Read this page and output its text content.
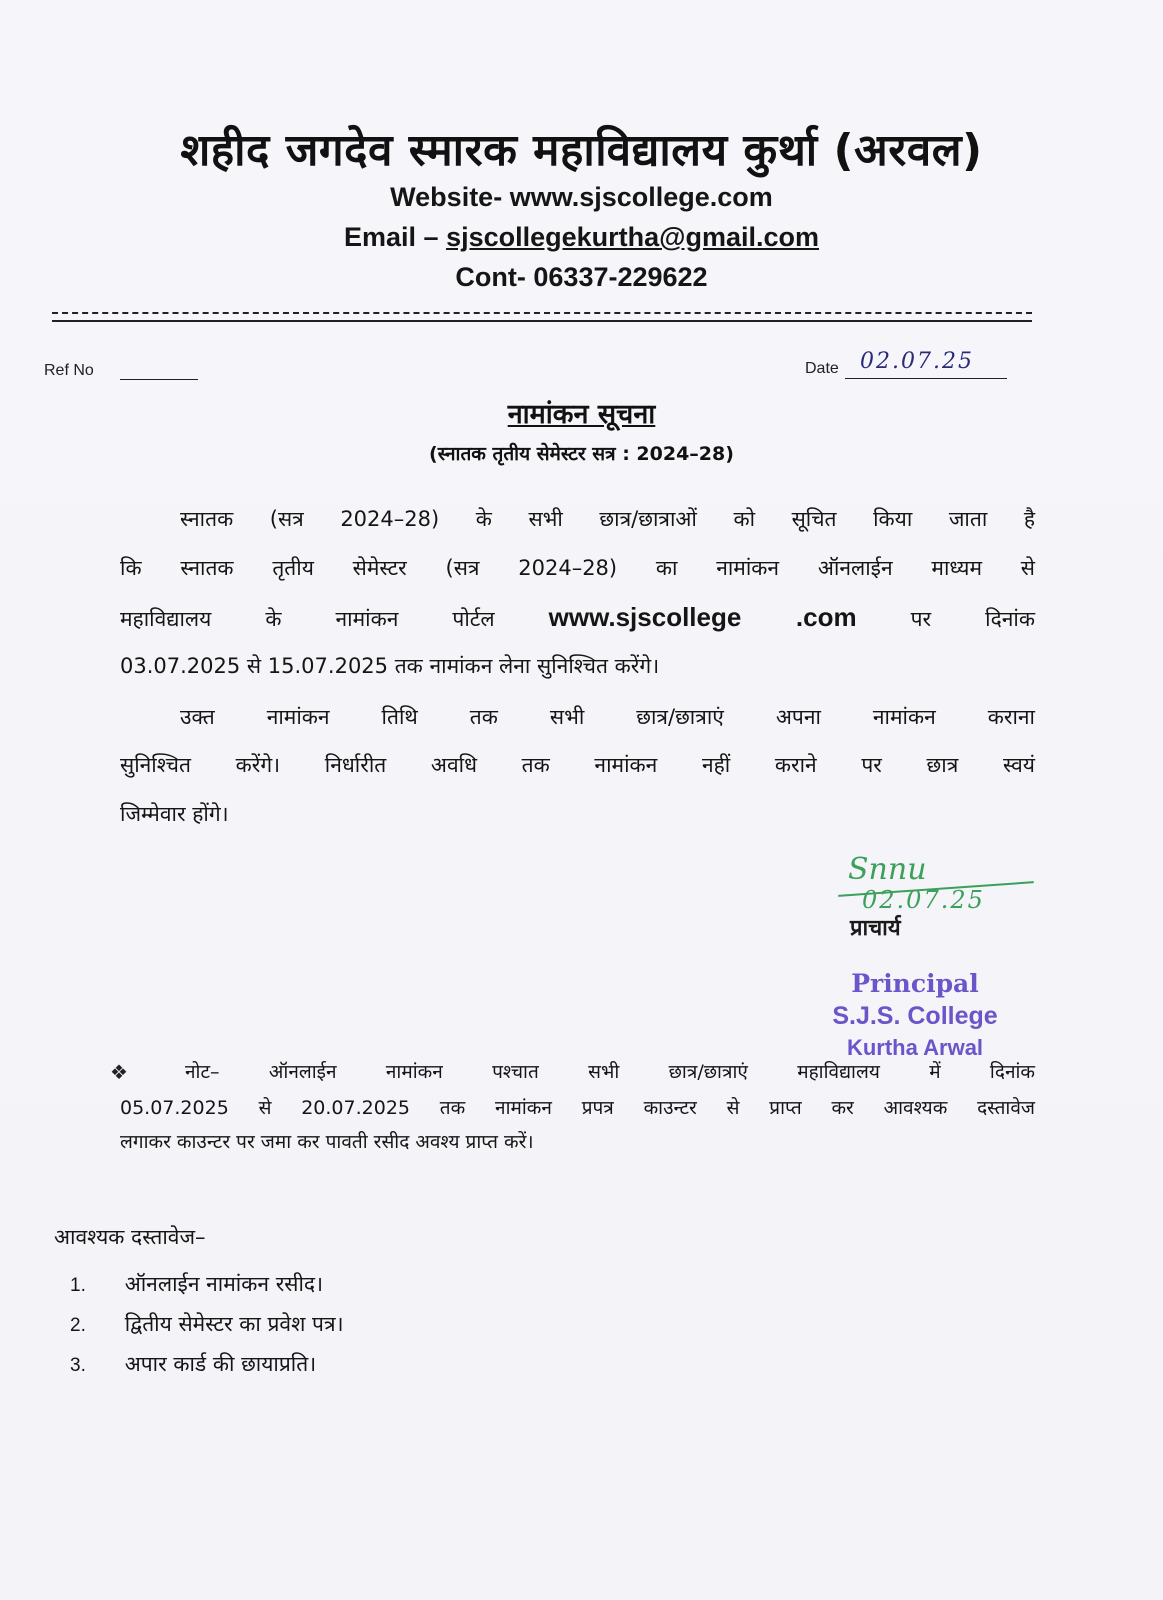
शहीद जगदेव स्मारक महाविद्यालय कुर्था (अरवल)
Website- www.sjscollege.com
Email – sjscollegekurtha@gmail.com
Cont- 06337-229622
Ref No	Date 02.07.25
नामांकन सूचना
(स्नातक तृतीय सेमेस्टर सत्र : 2024–28)
स्नातक (सत्र 2024–28) के सभी छात्र/छात्राओं को सूचित किया जाता है
कि स्नातक तृतीय सेमेस्टर (सत्र 2024–28) का नामांकन ऑनलाईन माध्यम से
महाविद्यालय के नामांकन पोर्टल www.sjscollege .com	पर दिनांक
03.07.2025 से 15.07.2025 तक नामांकन लेना सुनिश्चित करेंगे।
उक्त नामांकन तिथि तक सभी छात्र/छात्राएं अपना नामांकन कराना
सुनिश्चित करेंगे। निर्धारीत अवधि तक नामांकन नहीं कराने पर छात्र स्वयं
जिम्मेवार होंगे।
Snnu
02.07.25
प्राचार्य
Principal
S.J.S. College
Kurtha Arwal
❖	नोट– ऑनलाईन नामांकन पश्चात सभी छात्र/छात्राएं महाविद्यालय में दिनांक
05.07.2025 से 20.07.2025 तक नामांकन प्रपत्र काउन्टर से प्राप्त कर आवश्यक दस्तावेज
लगाकर काउन्टर पर जमा कर पावती रसीद अवश्य प्राप्त करें।
आवश्यक दस्तावेज–
1. ऑनलाईन नामांकन रसीद।
2. द्वितीय सेमेस्टर का प्रवेश पत्र।
3. अपार कार्ड की छायाप्रति।
